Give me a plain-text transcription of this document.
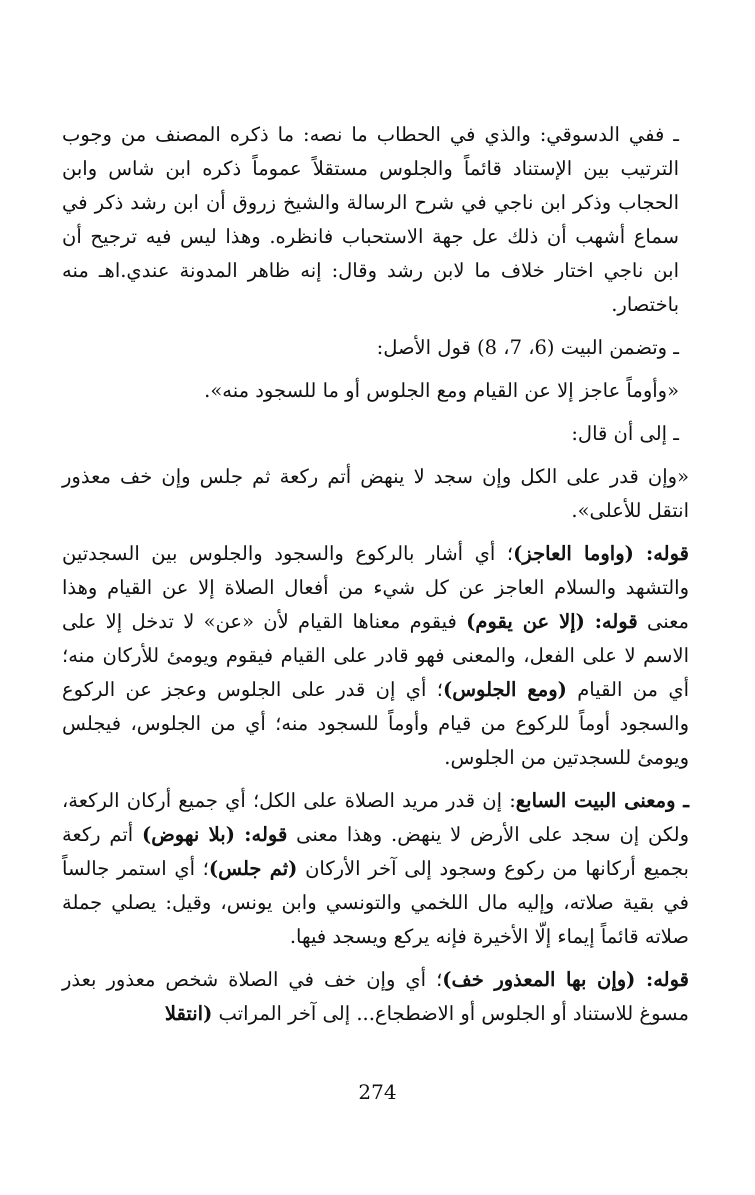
ـ ففي الدسوقي: والذي في الحطاب ما نصه: ما ذكره المصنف من وجوب الترتيب بين الإستناد قائماً والجلوس مستقلاً عموماً ذكره ابن شاس وابن الحجاب وذكر ابن ناجي في شرح الرسالة والشيخ زروق أن ابن رشد ذكر في سماع أشهب أن ذلك عل جهة الاستحباب فانظره. وهذا ليس فيه ترجيح أن ابن ناجي اختار خلاف ما لابن رشد وقال: إنه ظاهر المدونة عندي.اهـ منه باختصار.

ـ وتضمن البيت (6، 7، 8) قول الأصل:

«وأوماً عاجز إلا عن القيام ومع الجلوس أو ما للسجود منه».

ـ إلى أن قال:

«وإن قدر على الكل وإن سجد لا ينهض أتم ركعة ثم جلس وإن خف معذور انتقل للأعلى».

قوله: (واوما العاجز)؛ أي أشار بالركوع والسجود والجلوس بين السجدتين والتشهد والسلام العاجز عن كل شيء من أفعال الصلاة إلا عن القيام وهذا معنى قوله: (إلا عن يقوم) فيقوم معناها القيام لأن «عن» لا تدخل إلا على الاسم لا على الفعل، والمعنى فهو قادر على القيام فيقوم ويومئ للأركان منه؛ أي من القيام (ومع الجلوس)؛ أي إن قدر على الجلوس وعجز عن الركوع والسجود أوماً للركوع من قيام وأوماً للسجود منه؛ أي من الجلوس، فيجلس ويومئ للسجدتين من الجلوس.

ـ ومعنى البيت السابع: إن قدر مريد الصلاة على الكل؛ أي جميع أركان الركعة، ولكن إن سجد على الأرض لا ينهض. وهذا معنى قوله: (بلا نهوض) أتم ركعة بجميع أركانها من ركوع وسجود إلى آخر الأركان (ثم جلس)؛ أي استمر جالساً في بقية صلاته، وإليه مال اللخمي والتونسي وابن يونس، وقيل: يصلي جملة صلاته قائماً إيماء إلّا الأخيرة فإنه يركع ويسجد فيها.

قوله: (وإن بها المعذور خف)؛ أي وإن خف في الصلاة شخص معذور بعذر مسوغ للاستناد أو الجلوس أو الاضطجاع... إلى آخر المراتب (انتقلا

274
